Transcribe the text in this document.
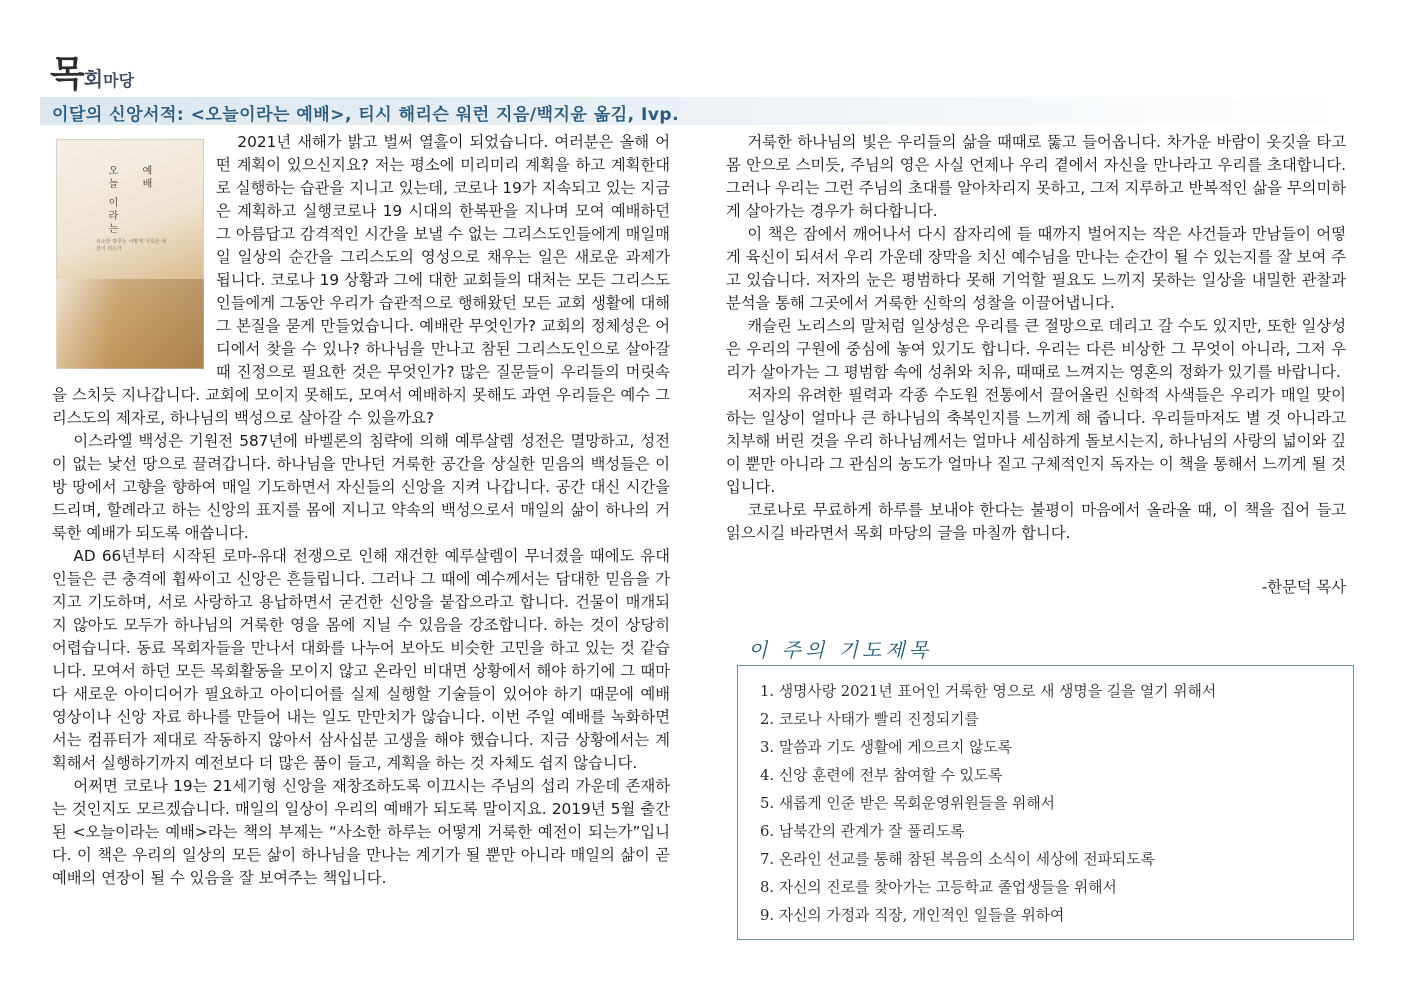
목회마당
이달의 신앙서적: <오늘이라는 예배>, 티시 해리슨 워런 지음/백지윤 옮김, Ivp.
오늘 이라는	예배
사소한 하루는 어떻게 거룩한 예전이 되는가

2021년 새해가 밝고 벌써 열흘이 되었습니다. 여러분은 올해 어떤 계획이 있으신지요? 저는 평소에 미리미리 계획을 하고 계획한대로 실행하는 습관을 지니고 있는데, 코로나 19가 지속되고 있는 지금은 계획하고 실행코로나 19 시대의 한복판을 지나며 모여 예배하던 그 아름답고 감격적인 시간을 보낼 수 없는 그리스도인들에게 매일매일 일상의 순간을 그리스도의 영성으로 채우는 일은 새로운 과제가 됩니다. 코로나 19 상황과 그에 대한 교회들의 대처는 모든 그리스도인들에게 그동안 우리가 습관적으로 행해왔던 모든 교회 생활에 대해 그 본질을 묻게 만들었습니다. 예배란 무엇인가? 교회의 정체성은 어디에서 찾을 수 있나? 하나님을 만나고 참된 그리스도인으로 살아갈 때 진정으로 필요한 것은 무엇인가? 많은 질문들이 우리들의 머릿속을 스치듯 지나갑니다. 교회에 모이지 못해도, 모여서 예배하지 못해도 과연 우리들은 예수 그리스도의 제자로, 하나님의 백성으로 살아갈 수 있을까요?

이스라엘 백성은 기원전 587년에 바벨론의 침략에 의해 예루살렘 성전은 멸망하고, 성전이 없는 낯선 땅으로 끌려갑니다. 하나님을 만나던 거룩한 공간을 상실한 믿음의 백성들은 이방 땅에서 고향을 향하여 매일 기도하면서 자신들의 신앙을 지켜 나갑니다. 공간 대신 시간을 드리며, 할례라고 하는 신앙의 표지를 몸에 지니고 약속의 백성으로서 매일의 삶이 하나의 거룩한 예배가 되도록 애씁니다.

AD 66년부터 시작된 로마-유대 전쟁으로 인해 재건한 예루살렘이 무너졌을 때에도 유대인들은 큰 충격에 휩싸이고 신앙은 흔들립니다. 그러나 그 때에 예수께서는 담대한 믿음을 가지고 기도하며, 서로 사랑하고 용납하면서 굳건한 신앙을 붙잡으라고 합니다. 건물이 매개되지 않아도 모두가 하나님의 거룩한 영을 몸에 지닐 수 있음을 강조합니다. 하는 것이 상당히 어렵습니다. 동료 목회자들을 만나서 대화를 나누어 보아도 비슷한 고민을 하고 있는 것 같습니다. 모여서 하던 모든 목회활동을 모이지 않고 온라인 비대면 상황에서 해야 하기에 그 때마다 새로운 아이디어가 필요하고 아이디어를 실제 실행할 기술들이 있어야 하기 때문에 예배 영상이나 신앙 자료 하나를 만들어 내는 일도 만만치가 않습니다. 이번 주일 예배를 녹화하면서는 컴퓨터가 제대로 작동하지 않아서 삼사십분 고생을 해야 했습니다. 지금 상황에서는 계획해서 실행하기까지 예전보다 더 많은 품이 들고, 계획을 하는 것 자체도 쉽지 않습니다.

어쩌면 코로나 19는 21세기형 신앙을 재창조하도록 이끄시는 주님의 섭리 가운데 존재하는 것인지도 모르겠습니다. 매일의 일상이 우리의 예배가 되도록 말이지요. 2019년 5월 출간된 <오늘이라는 예배>라는 책의 부제는 “사소한 하루는 어떻게 거룩한 예전이 되는가”입니다. 이 책은 우리의 일상의 모든 삶이 하나님을 만나는 계기가 될 뿐만 아니라 매일의 삶이 곧 예배의 연장이 될 수 있음을 잘 보여주는 책입니다.

거룩한 하나님의 빛은 우리들의 삶을 때때로 뚫고 들어옵니다. 차가운 바람이 옷깃을 타고 몸 안으로 스미듯, 주님의 영은 사실 언제나 우리 곁에서 자신을 만나라고 우리를 초대합니다. 그러나 우리는 그런 주님의 초대를 알아차리지 못하고, 그저 지루하고 반복적인 삶을 무의미하게 살아가는 경우가 허다합니다.

이 책은 잠에서 깨어나서 다시 잠자리에 들 때까지 벌어지는 작은 사건들과 만남들이 어떻게 육신이 되셔서 우리 가운데 장막을 치신 예수님을 만나는 순간이 될 수 있는지를 잘 보여 주고 있습니다. 저자의 눈은 평범하다 못해 기억할 필요도 느끼지 못하는 일상을 내밀한 관찰과 분석을 통해 그곳에서 거룩한 신학의 성찰을 이끌어냅니다.

캐슬린 노리스의 말처럼 일상성은 우리를 큰 절망으로 데리고 갈 수도 있지만, 또한 일상성은 우리의 구원에 중심에 놓여 있기도 합니다. 우리는 다른 비상한 그 무엇이 아니라, 그저 우리가 살아가는 그 평범함 속에 성취와 치유, 때때로 느껴지는 영혼의 정화가 있기를 바랍니다.

저자의 유려한 필력과 각종 수도원 전통에서 끌어올린 신학적 사색들은 우리가 매일 맞이하는 일상이 얼마나 큰 하나님의 축복인지를 느끼게 해 줍니다. 우리들마저도 별 것 아니라고 치부해 버린 것을 우리 하나님께서는 얼마나 세심하게 돌보시는지, 하나님의 사랑의 넓이와 깊이 뿐만 아니라 그 관심의 농도가 얼마나 짙고 구체적인지 독자는 이 책을 통해서 느끼게 될 것입니다.

코로나로 무료하게 하루를 보내야 한다는 불평이 마음에서 올라올 때, 이 책을 집어 들고 읽으시길 바라면서 목회 마당의 글을 마칠까 합니다.

-한문덕 목사
이 주의 기도제목
1. 생명사랑 2021년 표어인 거룩한 영으로 새 생명을 길을 열기 위해서
2. 코로나 사태가 빨리 진정되기를
3. 말씀과 기도 생활에 게으르지 않도록
4. 신앙 훈련에 전부 참여할 수 있도록
5. 새롭게 인준 받은 목회운영위원들을 위해서
6. 남북간의 관계가 잘 풀리도록
7. 온라인 선교를 통해 참된 복음의 소식이 세상에 전파되도록
8. 자신의 진로를 찾아가는 고등학교 졸업생들을 위해서
9. 자신의 가정과 직장, 개인적인 일들을 위하여
